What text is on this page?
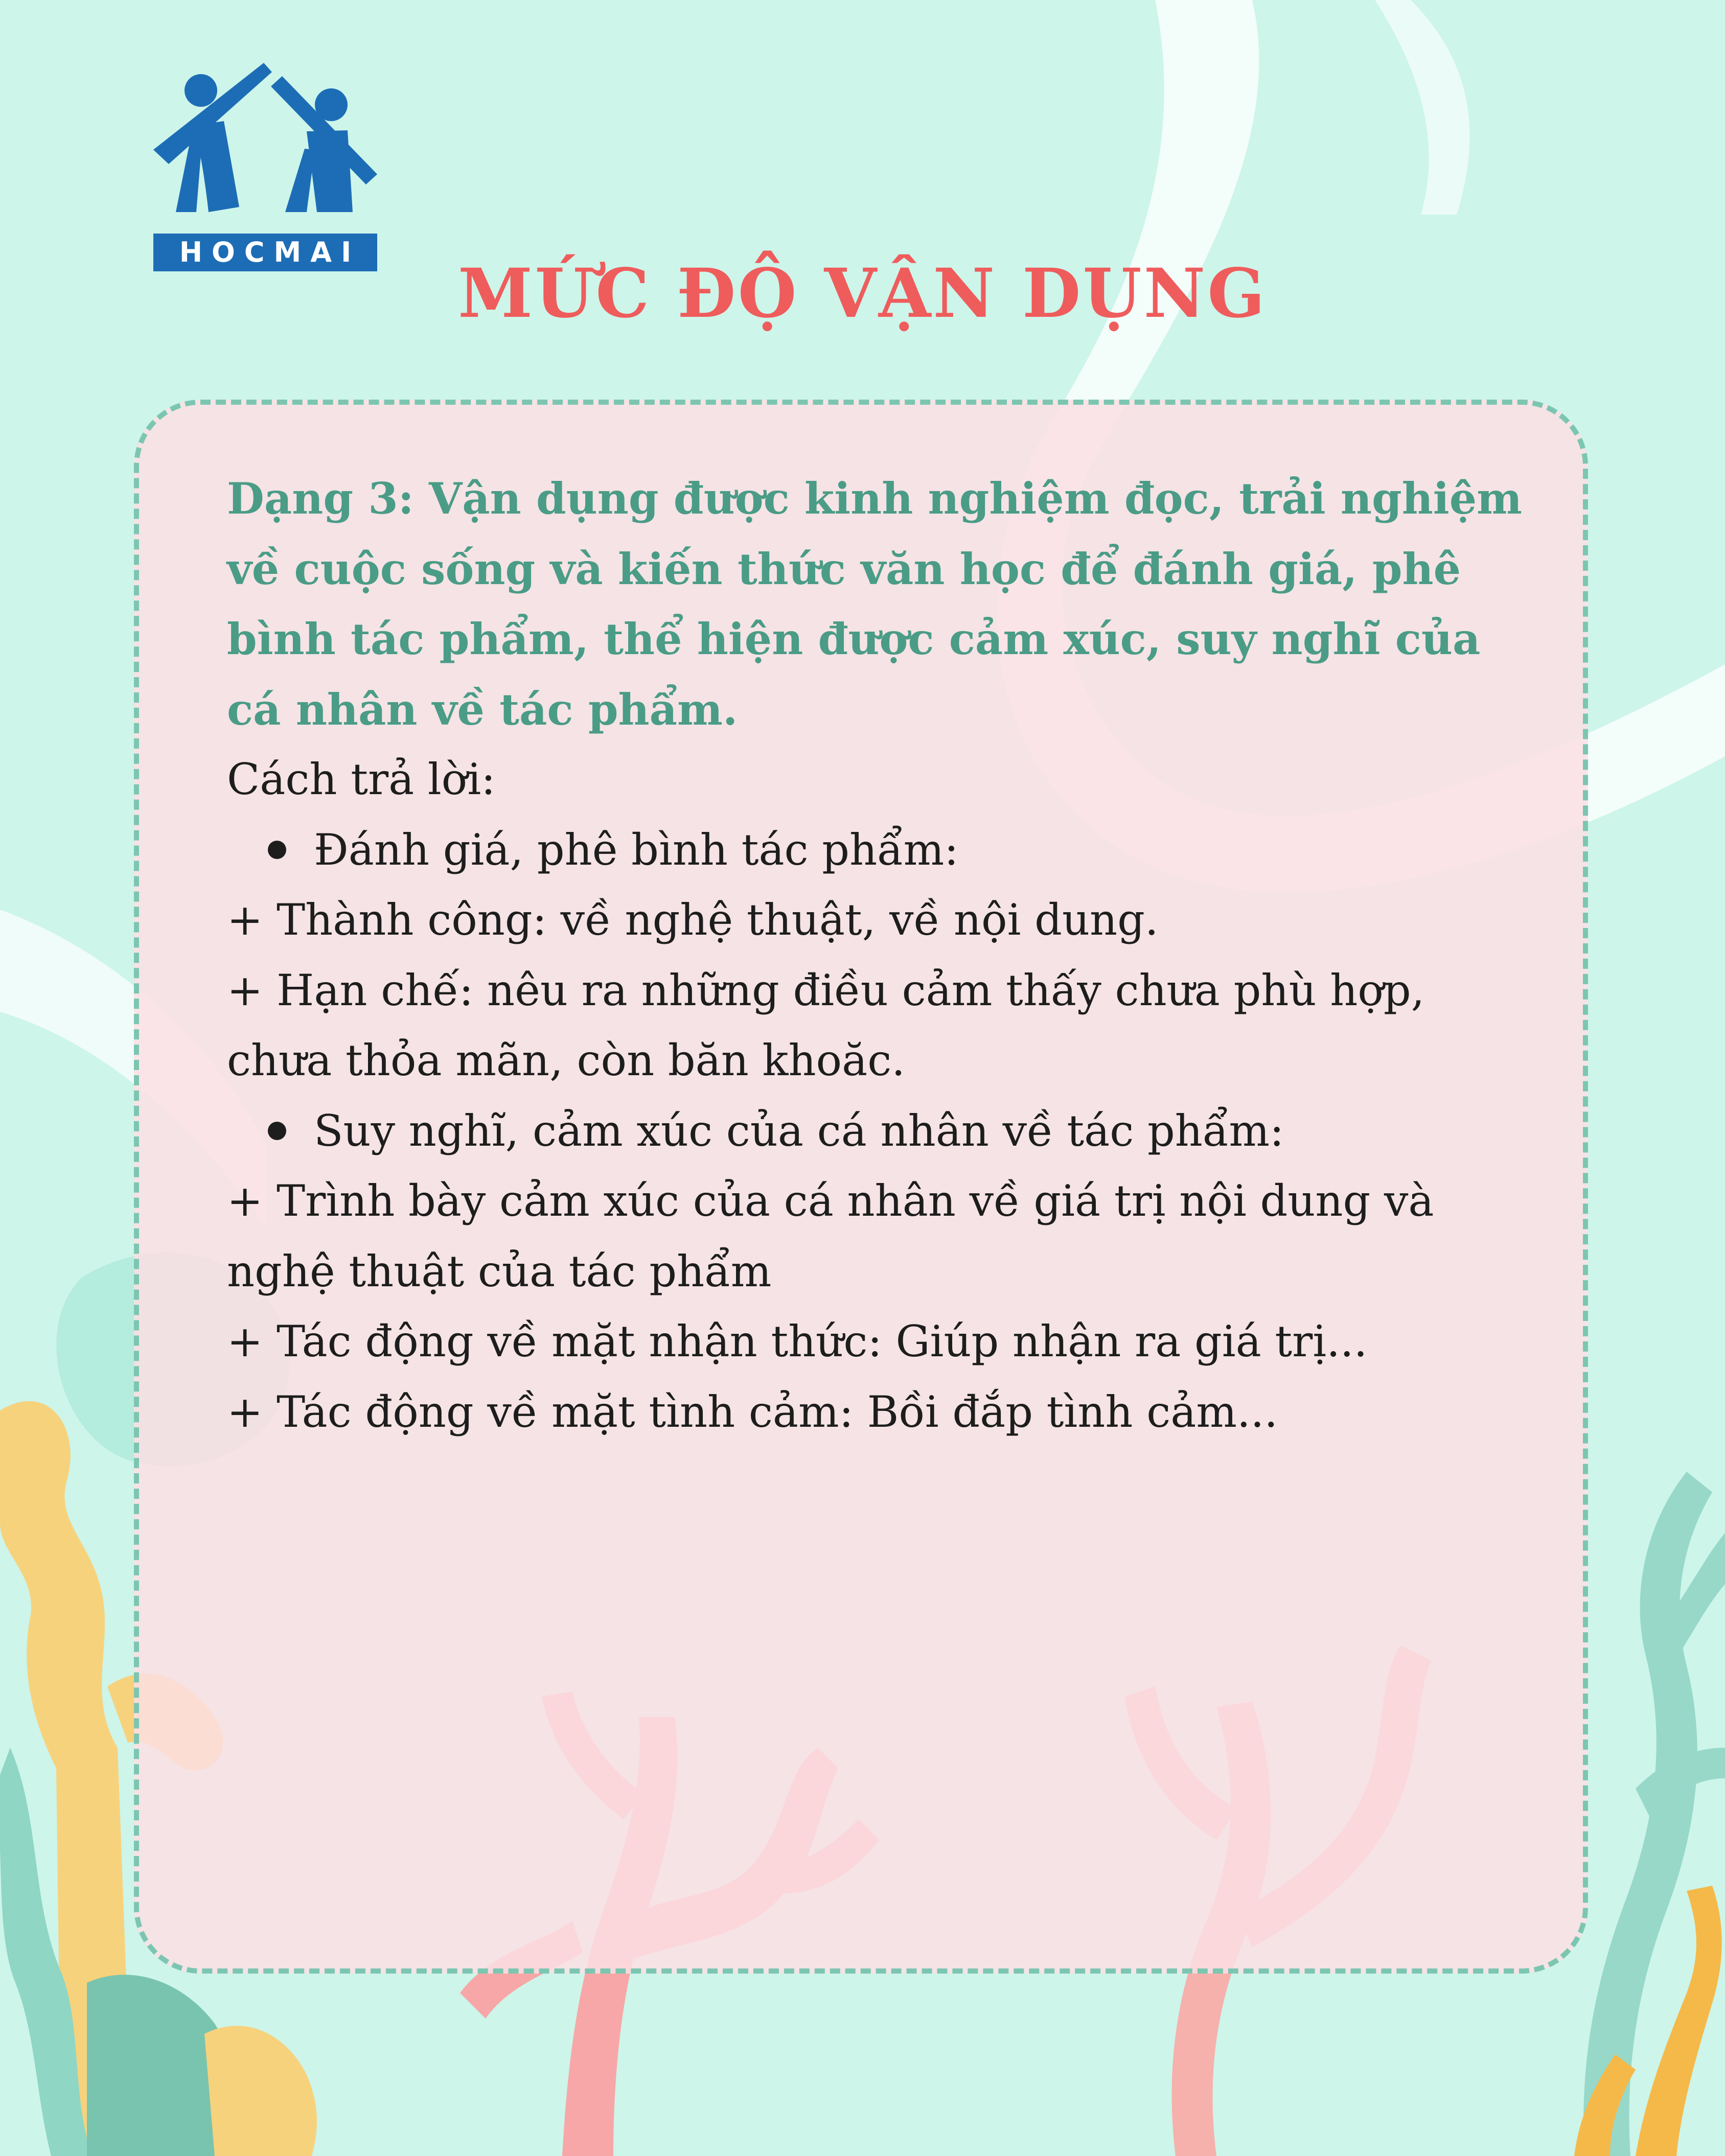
HOCMAI
MỨC ĐỘ VẬN DỤNG

Dạng 3: Vận dụng được kinh nghiệm đọc, trải nghiệm về cuộc sống và kiến thức văn học để đánh giá, phê bình tác phẩm, thể hiện được cảm xúc, suy nghĩ của cá nhân về tác phẩm.

Cách trả lời:

Đánh giá, phê bình tác phẩm:

+ Thành công: về nghệ thuật, về nội dung.

+ Hạn chế: nêu ra những điều cảm thấy chưa phù hợp, chưa thỏa mãn, còn băn khoăc.

Suy nghĩ, cảm xúc của cá nhân về tác phẩm:

+ Trình bày cảm xúc của cá nhân về giá trị nội dung và nghệ thuật của tác phẩm

+ Tác động về mặt nhận thức: Giúp nhận ra giá trị...

+ Tác động về mặt tình cảm: Bồi đắp tình cảm...
